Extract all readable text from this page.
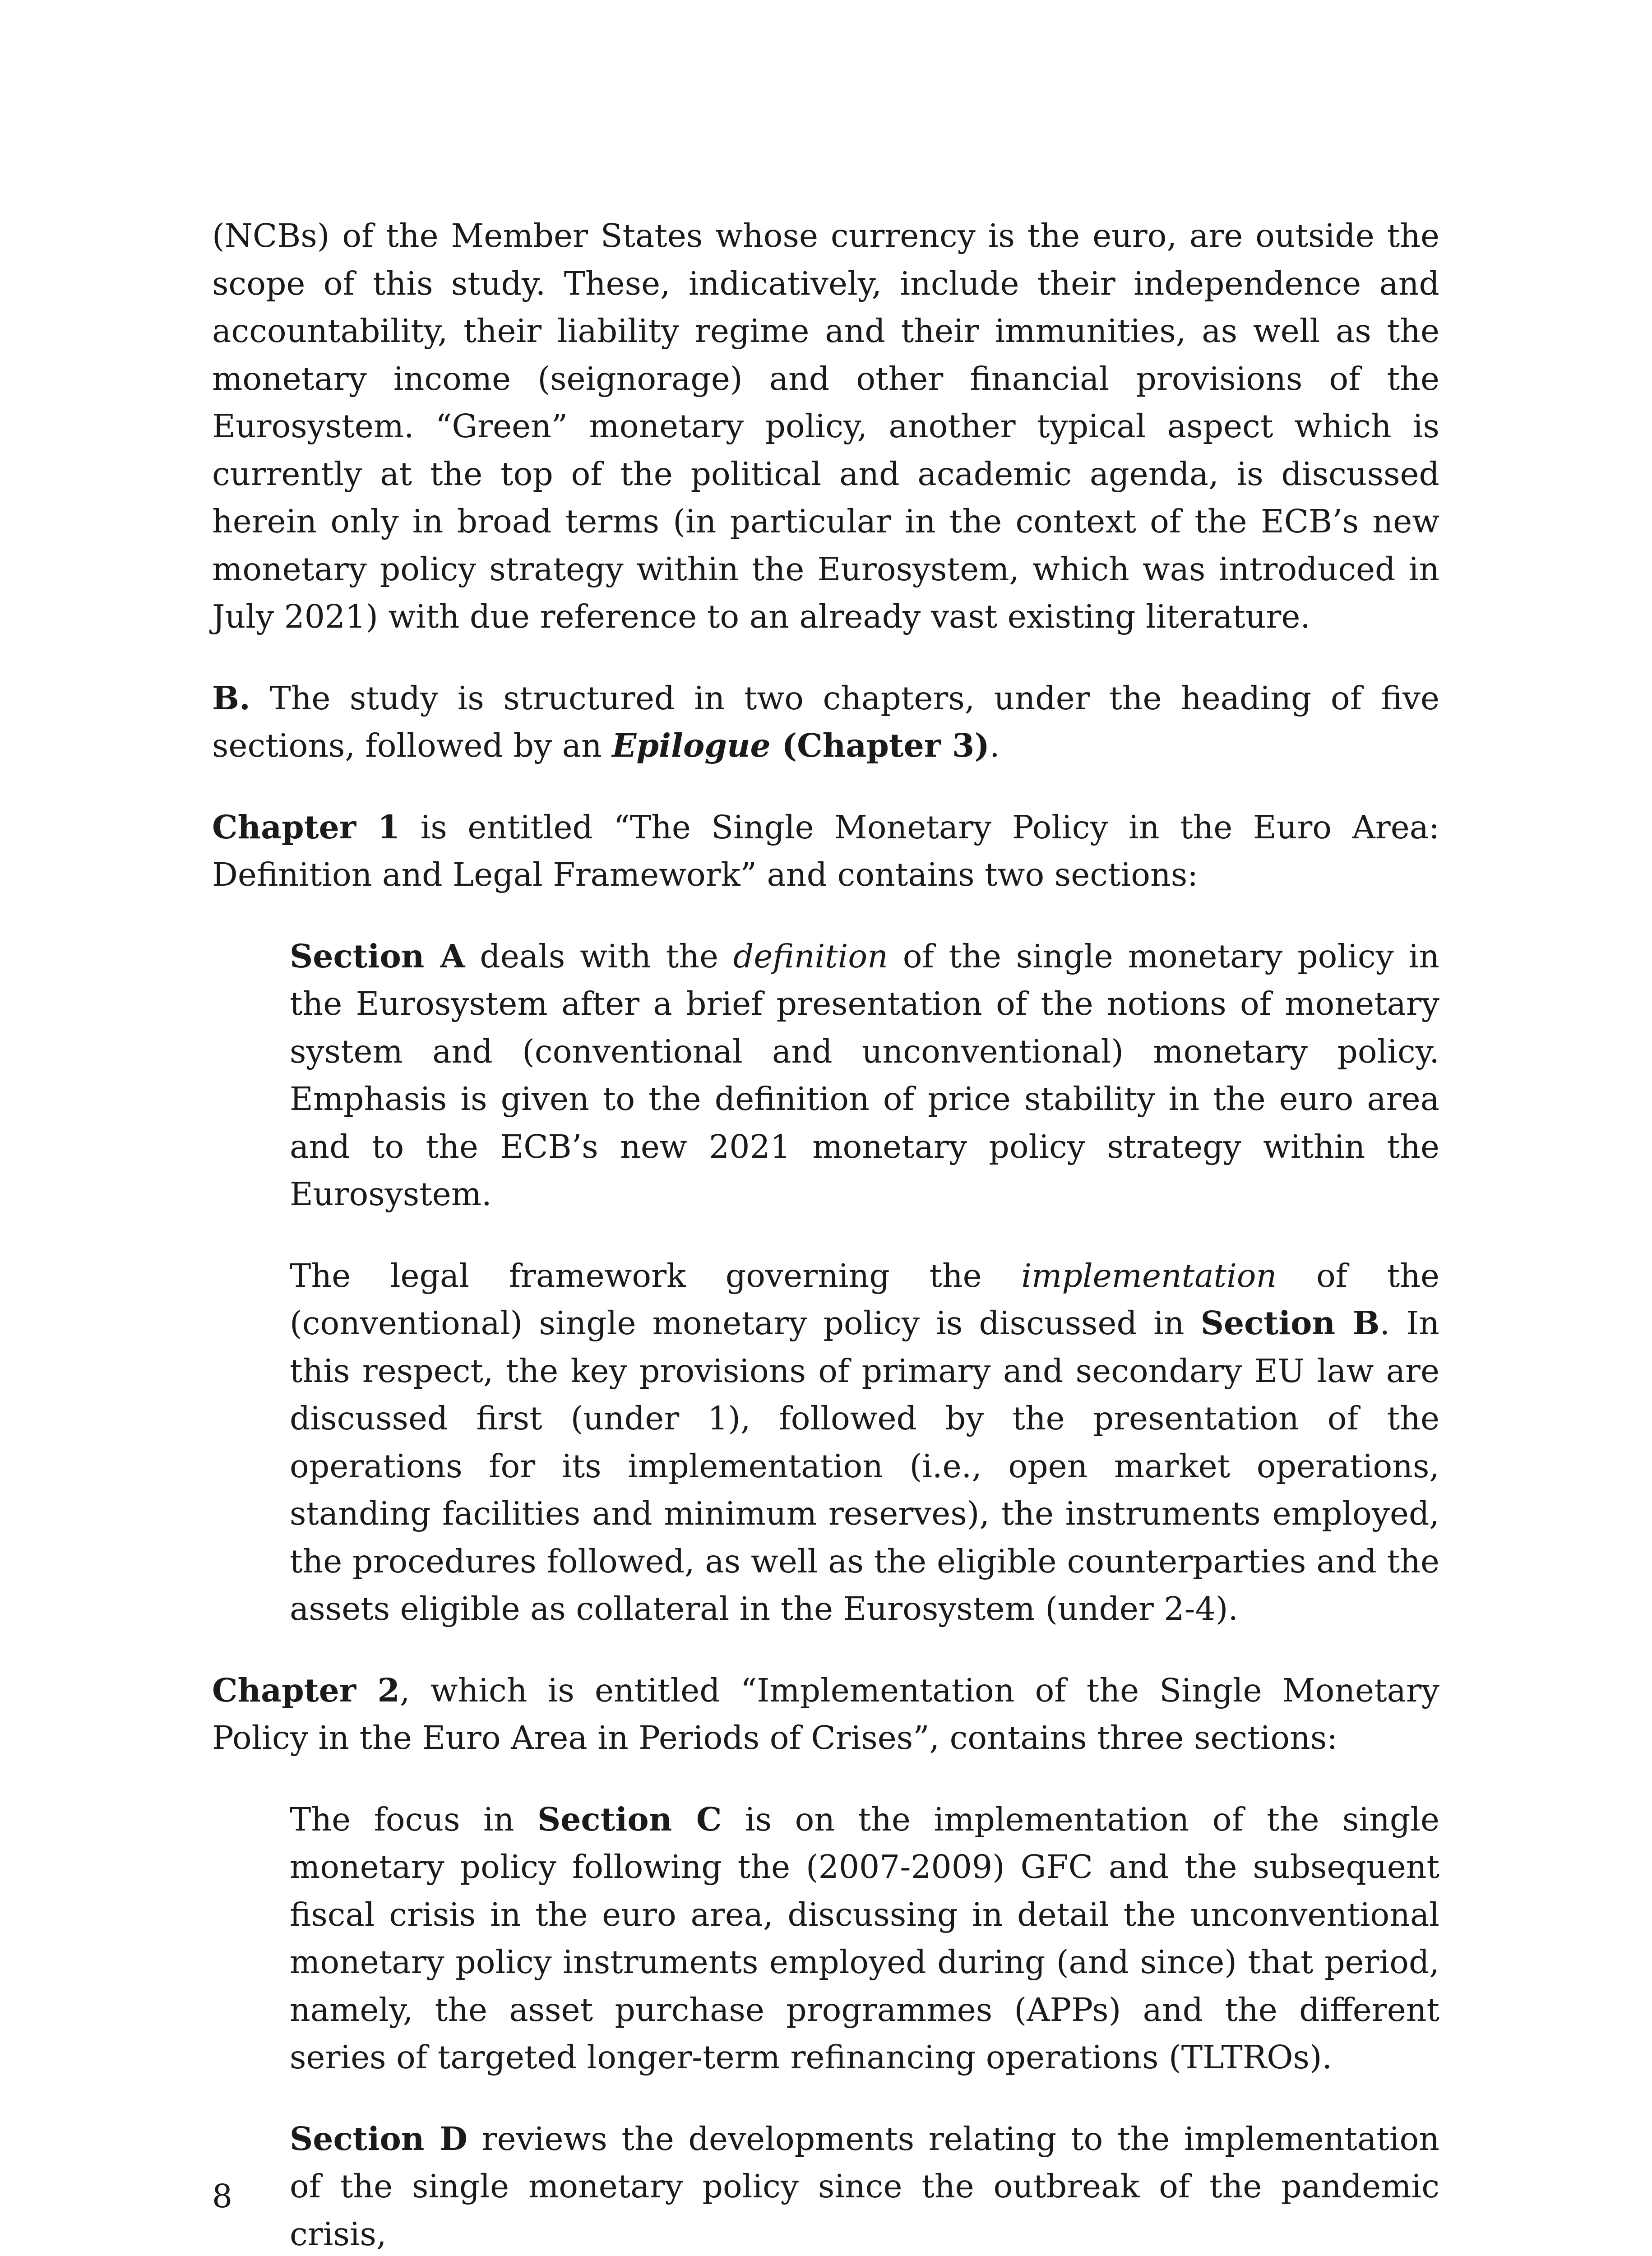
(NCBs) of the Member States whose currency is the euro, are outside the scope of this study. These, indicatively, include their independence and accountability, their liability regime and their immunities, as well as the monetary income (seignorage) and other financial provisions of the Eurosystem. “Green” monetary policy, another typical aspect which is currently at the top of the political and academic agenda, is discussed herein only in broad terms (in particular in the context of the ECB’s new monetary policy strategy within the Eurosystem, which was introduced in July 2021) with due reference to an already vast existing literature.

B. The study is structured in two chapters, under the heading of five sections, followed by an Epilogue (Chapter 3).

Chapter 1 is entitled “The Single Monetary Policy in the Euro Area: Definition and Legal Framework” and contains two sections:

Section A deals with the definition of the single monetary policy in the Eurosystem after a brief presentation of the notions of monetary system and (conventional and unconventional) monetary policy. Emphasis is given to the definition of price stability in the euro area and to the ECB’s new 2021 monetary policy strategy within the Eurosystem.

The legal framework governing the implementation of the (conventional) single monetary policy is discussed in Section B. In this respect, the key provisions of primary and secondary EU law are discussed first (under 1), followed by the presentation of the operations for its implementation (i.e., open market operations, standing facilities and minimum reserves), the instruments employed, the procedures followed, as well as the eligible counterparties and the assets eligible as collateral in the Eurosystem (under 2-4).

Chapter 2, which is entitled “Implementation of the Single Monetary Policy in the Euro Area in Periods of Crises”, contains three sections:

The focus in Section C is on the implementation of the single monetary policy following the (2007-2009) GFC and the subsequent fiscal crisis in the euro area, discussing in detail the unconventional monetary policy instruments employed during (and since) that period, namely, the asset purchase programmes (APPs) and the different series of targeted longer-term refinancing operations (TLTROs).

Section D reviews the developments relating to the implementation of the single monetary policy since the outbreak of the pandemic crisis,

8
